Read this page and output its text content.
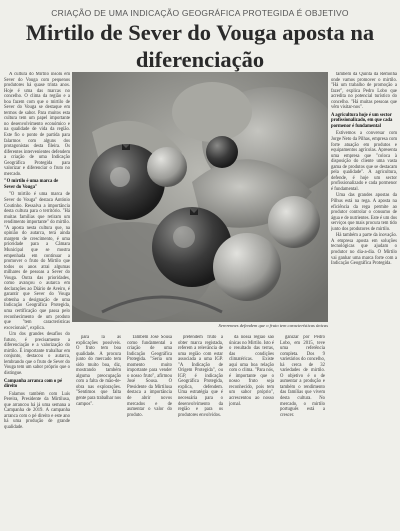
CRIAÇÃO DE UMA INDICAÇÃO GEOGRÁFICA PROTEGIDA É OBJETIVO
Mirtilo de Sever do Vouga aposta na diferenciação

A cultura do Mirtilo insolu em Sever do Vouga com pequenos produtores há quase trinta anos. Hoje é uma das marcas no concelho. O clima da região e a boa fazem com que o mirtilo de Sever do Vouga se destaque em termos de sabor. Para muitos esta cultura tem um papel importante no desenvolvimento económico e na qualidade de vida da região. Este fio o ponto de partida para falarmos com alguns dos protagonistas desta fileira. Os diferentes intervenientes defendem a criação de uma Indicação Geográfica Protegida para valorizar e diferenciar o fruto no mercado.

"O mirtilo é uma marca de Sever do Vouga"

"O mirtilo é uma marca de Sever do Vouga" destaca António Coutinho. Ressalva a importância desta cultura para o território. "Há muitas famílias que retiram um rendimento importante" do mirtilo. "A aposta nesta cultura que, na opinião do autarca, terá ainda margem de crescimento, é uma prioridade para a Câmara Municipal que se mostra empenhada em continuar a promover o fruto do Mirtilo que todos os anos atrai algumas milhares de pessoas a Sever do Vouga. Outra das prioridades, como avançou o autarca em declarações ao Diário de Aveiro, é garantir que Sever do Vouga obtenha a designação de uma Indicação Geográfica Protegida, uma certificação que passa pelo reconhecimento de um produto que "tem características excecionais", explica.

Um dos grandes desafios do futuro, é precisamente a diferenciação e a valorização do mirtilo. É importante trabalhar em conjunto, destacou o autarca, lembrando que o fruto de Sever do Vouga tem um sabor próprio que o distingue.

Campanha arranca com o pé direito

Falamos também com Luís Pereira, Presidente da Mirtilusa, que arrancou há já uma semana a Campanha de 2019. A campanha arranca com o pé direito e este ano há uma produção de grande qualidade.

Sererennes defendem que o fruto tem características únicas

para lá as explicações possíveis. O fruto tem boa qualidade. A procura junto do mercado tem sido muito boa, diz, mostrando também alguma preocupação com a falta de mão-de-obra nas explorações. "Sentimos que falta gente para trabalhar nos campos".

Também José Sousa como fundamental a criação de uma Indicação Geográfica Protegida. "Seria um momento muito importante para vender o nosso fruto", afirmou José Sousa. O Presidente da Mirtilusa destaca a importância de abrir novos mercados e de aumentar o valor do produto.

pretendem fruto a obter marca registada, referem a relevância de uma região com estar associada a uma IGP. "A Indicação de Origem Protegida", ou IGP, é indicação Geográfica Protegida, explica, defendem. Uma estratégia que é necessária para o desenvolvimento da região e para os produtores envolvidos.

da nossa região são únicas no Mirtilo. Isto é o resultado das terras, das condições climatéricas. Existe aqui uma boa relação com o clima. "Para nós, é importante que o nosso fruto seja reconhecido, pois tem um sabor próprio", acrescentou ao nosso jornal.

ganizar por Pedro Lobo, em 2015, teve uma referência completa. Dos 9 varietários do concelho, há cerca de 32 variedades de mirtilo. O objetivo é o de aumentar a produção e também o rendimento das famílias que vivem desta cultura. No mercado, o mirtilo português está a crescer.

também da Quinta da Remolha onde vamos promover o mirtilo. "Há um trabalho de promoção a fazer", explica Pedro Lobo que acredita no potencial turístico do concelho. "Há muitas pessoas que vêm visitar-nos".

A agricultura hoje é um sector profissionalizado, em que cada pormenor é fundamental

Estivemos a conversar com Jorge Neto da Pilhas, empresa com forte atuação em produtos e equipamentos agrícolas. Apresenta uma empresa que "coloca à disposição do cliente uma vasta gama de produtos que se destacam pela qualidade". A agricultura, defende, é hoje um sector profissionalizado e cada pormenor é fundamental.

Uma das grandes apostas da Pilhus está na rega. A aposta na eficiência da rega permite ao produtor controlar o consumo de água e de nutrientes. Este é um dos serviços que mais procura tem tido junto dos produtores de mirtilo.

Há também a parte da inovação. A empresa aposta em soluções tecnológicas que ajudam o produtor no dia-a-dia. O Mirtilo vai ganhar uma marca forte com a Indicação Geográfica Protegida.
